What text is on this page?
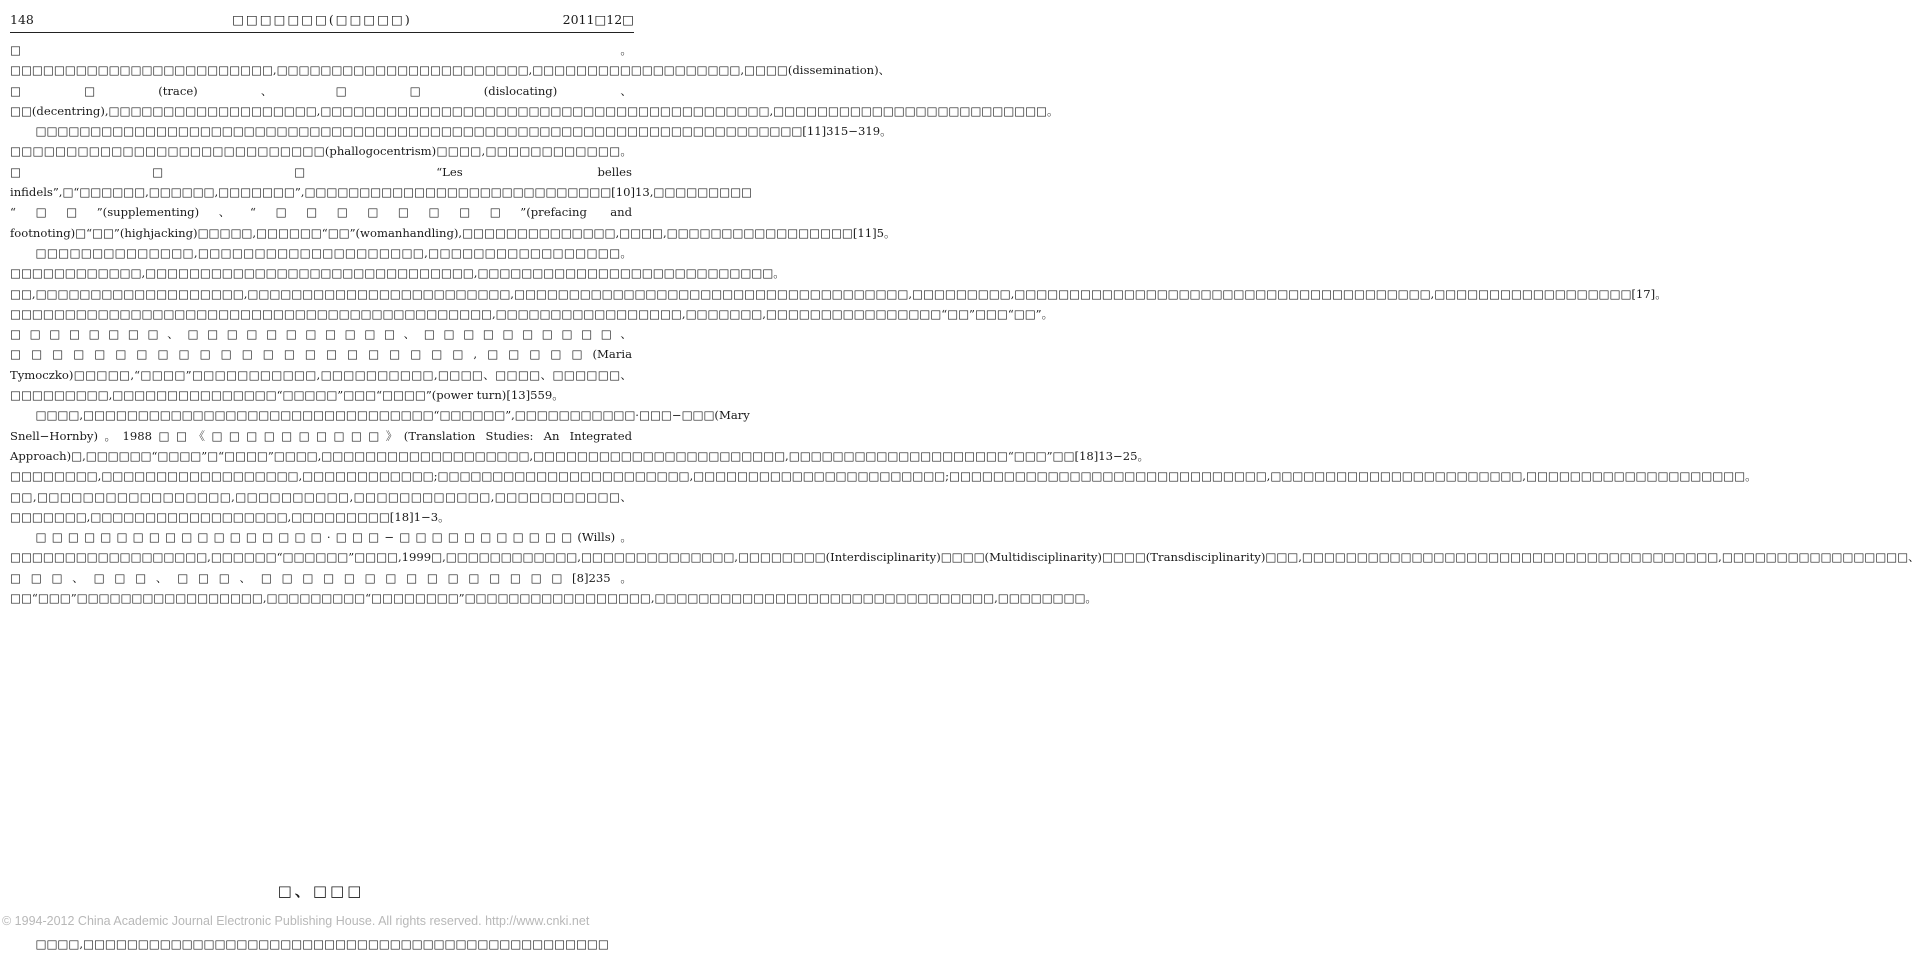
148	□□□□□□□(□□□□□)	2011□12□

□。□□□□□□□□□□□□□□□□□□□□□□□□,□□□□□□□□□□□□□□□□□□□□□□□,□□□□□□□□□□□□□□□□□□□,□□□□(dissemination)、□□(trace)、□□(dislocating)、□□(decentring),□□□□□□□□□□□□□□□□□□□,□□□□□□□□□□□□□□□□□□□□□□□□□□□□□□□□□□□□□□□□□,□□□□□□□□□□□□□□□□□□□□□□□□□。

□□□□□□□□□□□□□□□□□□□□□□□□□□□□□□□□□□□□□□□□□□□□□□□□□□□□□□□□□□□□□□□□□□□□□□[11]315−319。□□□□□□□□□□□□□□□□□□□□□□□□□□□□(phallogocentrism)□□□□,□□□□□□□□□□□□。□□□“Les belles infidels”,□“□□□□□□,□□□□□□,□□□□□□□”,□□□□□□□□□□□□□□□□□□□□□□□□□□□□[10]13,□□□□□□□□□ “□□”(supplementing)、“□□□□□□□□”(prefacing and footnoting)□“□□”(highjacking)□□□□□,□□□□□□“□□”(womanhandling),□□□□□□□□□□□□□□,□□□□,□□□□□□□□□□□□□□□□□[11]5。

□□□□□□□□□□□□□□,□□□□□□□□□□□□□□□□□□□□,□□□□□□□□□□□□□□□□□。□□□□□□□□□□□□,□□□□□□□□□□□□□□□□□□□□□□□□□□□□□□,□□□□□□□□□□□□□□□□□□□□□□□□□□□。□□,□□□□□□□□□□□□□□□□□□□,□□□□□□□□□□□□□□□□□□□□□□□□,□□□□□□□□□□□□□□□□□□□□□□□□□□□□□□□□□□□□,□□□□□□□□□,□□□□□□□□□□□□□□□□□□□□□□□□□□□□□□□□□□□□□□,□□□□□□□□□□□□□□□□□□[17]。□□□□□□□□□□□□□□□□□□□□□□□□□□□□□□□□□□□□□□□□□□□□,□□□□□□□□□□□□□□□□□,□□□□□□□,□□□□□□□□□□□□□□□□“□□”□□□“□□”。□□□□□□□□、□□□□□□□□□□□、□□□□□□□□□□、□□□□□□□□□□□□□□□□□□□□□□,□□□□□(Maria Tymoczko)□□□□□,“□□□□”□□□□□□□□□□□,□□□□□□□□□□,□□□□、□□□□、□□□□□□、□□□□□□□□□,□□□□□□□□□□□□□□□“□□□□□”□□□“□□□□”(power turn)[13]559。

□□□□,□□□□□□□□□□□□□□□□□□□□□□□□□□□□□□□□“□□□□□□”,□□□□□□□□□□□·□□□−□□□(Mary Snell−Hornby)。1988□□《□□□□□□□□□□》(Translation Studies: An Integrated Approach)□,□□□□□□“□□□□”□“□□□□”□□□□,□□□□□□□□□□□□□□□□□□□,□□□□□□□□□□□□□□□□□□□□□□□,□□□□□□□□□□□□□□□□□□□□“□□□”□□[18]13−25。□□□□□□□□,□□□□□□□□□□□□□□□□□□,□□□□□□□□□□□□;□□□□□□□□□□□□□□□□□□□□□□□,□□□□□□□□□□□□□□□□□□□□□□□;□□□□□□□□□□□□□□□□□□□□□□□□□□□□□,□□□□□□□□□□□□□□□□□□□□□□□,□□□□□□□□□□□□□□□□□□□□。□□,□□□□□□□□□□□□□□□□□,□□□□□□□□□□,□□□□□□□□□□□□,□□□□□□□□□□□、□□□□□□□,□□□□□□□□□□□□□□□□□□,□□□□□□□□□[18]1−3。

□□□□□□□□□□□□□□□□□□·□□□−□□□□□□□□□□□(Wills)。□□□□□□□□□□□□□□□□□□,□□□□□□“□□□□□□”□□□□,1999□,□□□□□□□□□□□□,□□□□□□□□□□□□□□,□□□□□□□□(Interdisciplinarity)□□□□(Multidisciplinarity)□□□□(Transdisciplinarity)□□□,□□□□□□□□□□□□□□□□□□□□□□□□□□□□□□□□□□□□□□,□□□□□□□□□□□□□□□□□、□□□、□□□、□□□、□□□□□□□□□□□□□□□[8]235。□□“□□□”□□□□□□□□□□□□□□□□□,□□□□□□□□□“□□□□□□□□”□□□□□□□□□□□□□□□□□,□□□□□□□□□□□□□□□□□□□□□□□□□□□□□□□,□□□□□□□□。

□、□□□
© 1994-2012 China Academic Journal Electronic Publishing House. All rights reserved. http://www.cnki.net
□□□□,□□□□□□□□□□□□□□□□□□□□□□□□□□□□□□□□□□□□□□□□□□□□□□□□
